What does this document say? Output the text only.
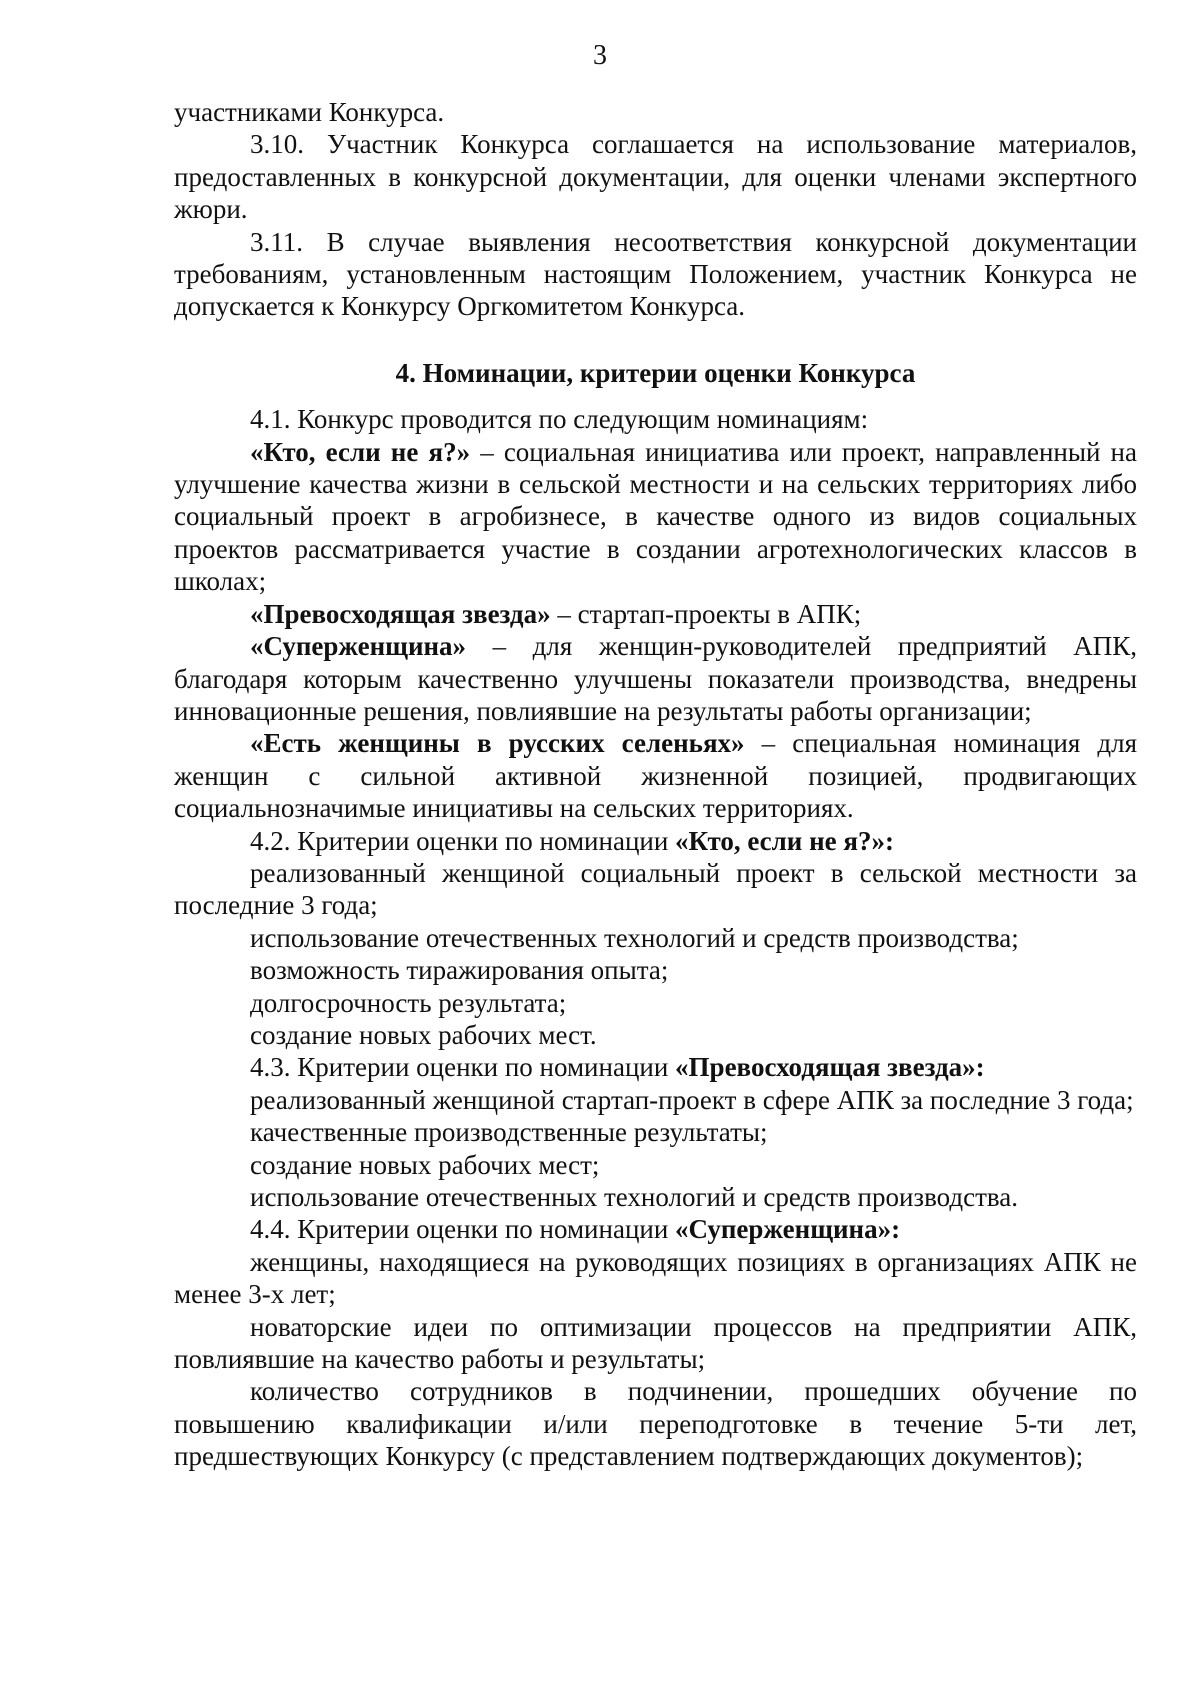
3

участниками Конкурса.

3.10. Участник Конкурса соглашается на использование материалов, предоставленных в конкурсной документации, для оценки членами экспертного жюри.

3.11. В случае выявления несоответствия конкурсной документации требованиям, установленным настоящим Положением, участник Конкурса не допускается к Конкурсу Оргкомитетом Конкурса.

4. Номинации, критерии оценки Конкурса

4.1. Конкурс проводится по следующим номинациям:

«Кто, если не я?» – социальная инициатива или проект, направленный на улучшение качества жизни в сельской местности и на сельских территориях либо социальный проект в агробизнесе, в качестве одного из видов социальных проектов рассматривается участие в создании агротехнологических классов в школах;

«Превосходящая звезда» – стартап-проекты в АПК;

«Суперженщина» – для женщин-руководителей предприятий АПК, благодаря которым качественно улучшены показатели производства, внедрены инновационные решения, повлиявшие на результаты работы организации;

«Есть женщины в русских селеньях» – специальная номинация для женщин с сильной активной жизненной позицией, продвигающих социальнозначимые инициативы на сельских территориях.

4.2. Критерии оценки по номинации «Кто, если не я?»:

реализованный женщиной социальный проект в сельской местности за последние 3 года;

использование отечественных технологий и средств производства;

возможность тиражирования опыта;

долгосрочность результата;

создание новых рабочих мест.

4.3. Критерии оценки по номинации «Превосходящая звезда»:

реализованный женщиной стартап-проект в сфере АПК за последние 3 года;

качественные производственные результаты;

создание новых рабочих мест;

использование отечественных технологий и средств производства.

4.4. Критерии оценки по номинации «Суперженщина»:

женщины, находящиеся на руководящих позициях в организациях АПК не менее 3-х лет;

новаторские идеи по оптимизации процессов на предприятии АПК, повлиявшие на качество работы и результаты;

количество сотрудников в подчинении, прошедших обучение по повышению квалификации и/или переподготовке в течение 5-ти лет, предшествующих Конкурсу (с представлением подтверждающих документов);
